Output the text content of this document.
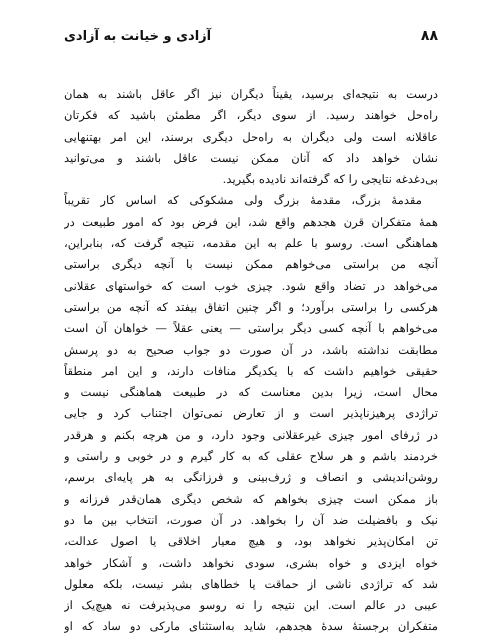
۸۸
آزادی و خیانت به آزادی

درست به نتیجه‌ای برسید، یقیناً دیگران نیز اگر عاقل باشند به همان
راه‌حل خواهند رسید. از سوی دیگر، اگر مطمئن باشید که فکرتان
عاقلانه است ولی دیگران به راه‌حل دیگری برسند، این امر بهتنهایی
نشان خواهد داد که آنان ممکن نیست عاقل باشند و می‌توانید
بی‌دغدغه نتایجی را که گرفته‌اند نادیده بگیرید.

مقدمهٔ بزرگ، مقدمهٔ بزرگ ولی مشکوکی که اساس کار تقریباً
همهٔ متفکران قرن هجدهم واقع شد، این فرض بود که امور طبیعت در
هماهنگی است. روسو با علم به این مقدمه، نتیجه گرفت که، بنابراین،
آنچه من براستی می‌خواهم ممکن نیست با آنچه دیگری براستی
می‌خواهد در تضاد واقع شود. چیزی خوب است که خواستهای عقلانی
هرکسی را براستی برآورد؛ و اگر چنین اتفاق بیفتد که آنچه من براستی
می‌خواهم با آنچه کسی دیگر براستی — یعنی عقلاً — خواهان آن است
مطابقت نداشته باشد، در آن صورت دو جواب صحیح به دو پرسش
حقیقی خواهیم داشت که با یکدیگر منافات دارند، و این امر منطقاً
محال است، زیرا بدین معناست که در طبیعت هماهنگی نیست و
تراژدی پرهیزناپذیر است و از تعارض نمی‌توان اجتناب کرد و جایی
در ژرفای امور چیزی غیرعقلانی وجود دارد، و من هرچه بکنم و هرقدر
خردمند باشم و هر سلاح عقلی که به کار گیرم و در خوبی و راستی و
روشن‌اندیشی و انصاف و ژرف‌بینی و فرزانگی به هر پایه‌ای برسم،
باز ممکن است چیزی بخواهم که شخص دیگری همان‌قدر فرزانه و
نیک و بافضیلت ضد آن را بخواهد. در آن صورت، انتخاب بین ما دو
تن امکان‌پذیر نخواهد بود، و هیچ معیار اخلاقی یا اصول عدالت،
خواه ایزدی و خواه بشری، سودی نخواهد داشت، و آشکار خواهد
شد که تراژدی ناشی از حماقت یا خطاهای بشر نیست، بلکه معلول
عیبی در عالم است. این نتیجه را نه روسو می‌پذیرفت نه هیچ‌یک از
متفکران برجستهٔ سدهٔ هجدهم، شاید به‌استثنای مارکی دو ساد که او
